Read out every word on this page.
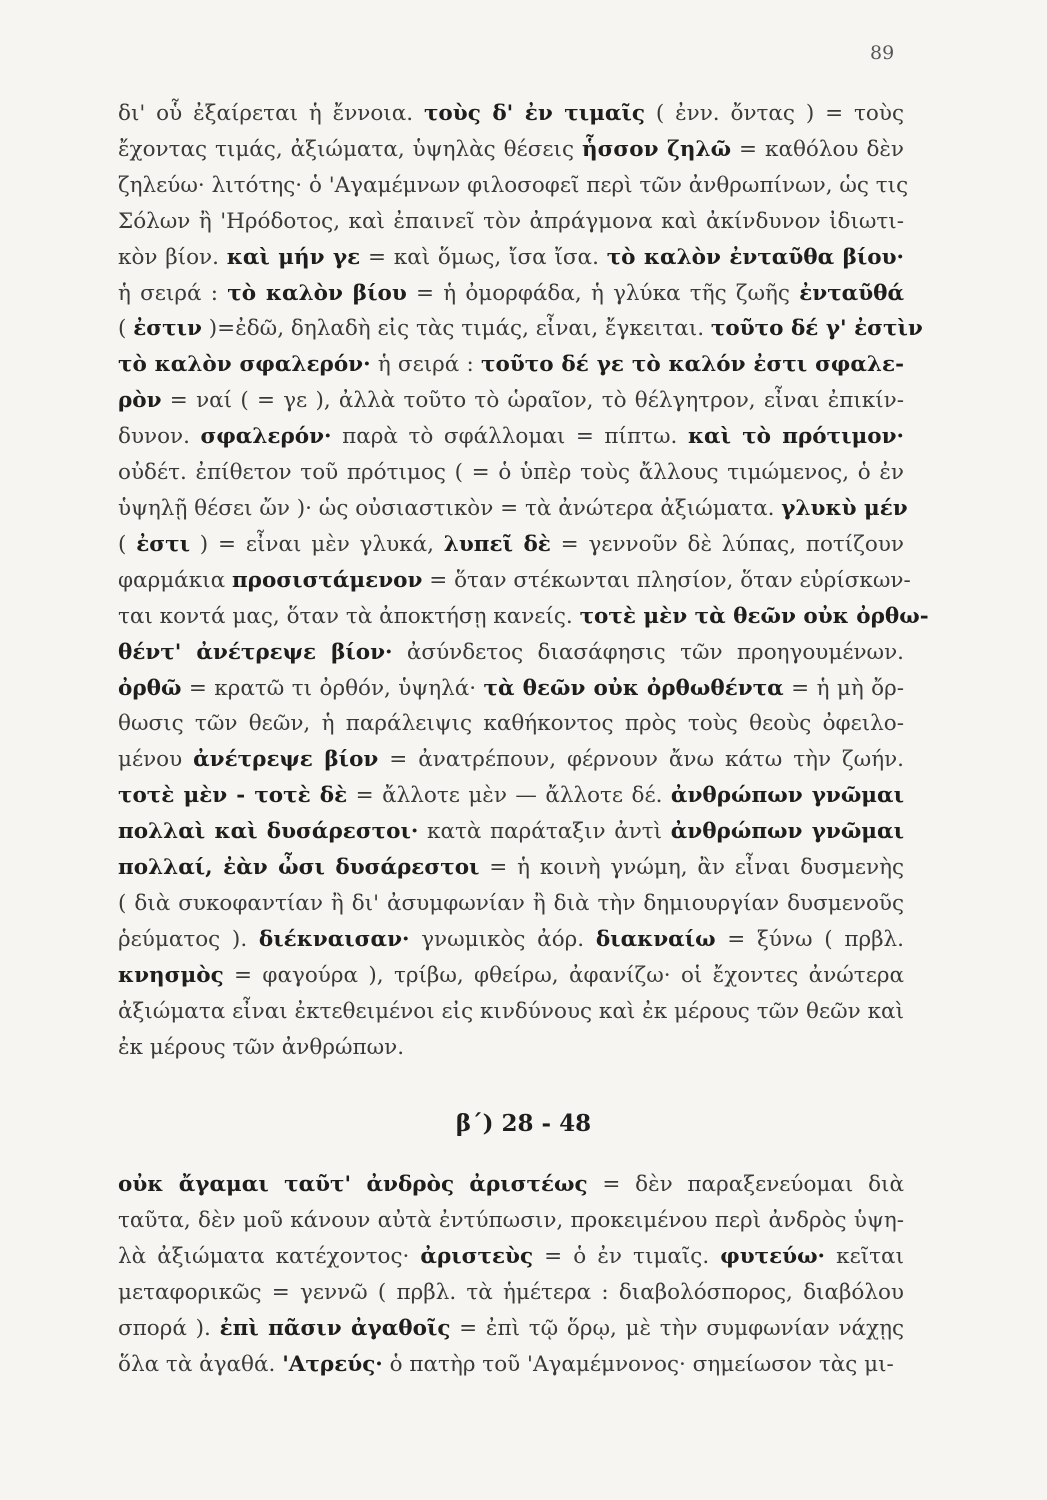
89
δι' οὗ ἐξαίρεται ἡ ἔννοια. τοὺς δ' ἐν τιμαῖς ( ἐνν. ὄντας ) = τοὺς
ἔχοντας τιμάς, ἀξιώματα, ὑψηλὰς θέσεις ἧσσον ζηλῶ = καθόλου δὲν
ζηλεύω· λιτότης· ὁ 'Αγαμέμνων φιλοσοφεῖ περὶ τῶν ἀνθρωπίνων, ὡς τις
Σόλων ἢ 'Ηρόδοτος, καὶ ἐπαινεῖ τὸν ἀπράγμονα καὶ ἀκίνδυνον ἰδιωτι-
κὸν βίον. καὶ μήν γε = καὶ ὅμως, ἴσα ἴσα. τὸ καλὸν ἐνταῦθα βίου·
ἡ σειρά : τὸ καλὸν βίου = ἡ ὀμορφάδα, ἡ γλύκα τῆς ζωῆς ἐνταῦθά
( ἐστιν )=ἐδῶ, δηλαδὴ εἰς τὰς τιμάς, εἶναι, ἔγκειται. τοῦτο δέ γ' ἐστὶν
τὸ καλὸν σφαλερόν· ἡ σειρά : τοῦτο δέ γε τὸ καλόν ἐστι σφαλε-
ρὸν = ναί ( = γε ), ἀλλὰ τοῦτο τὸ ὡραῖον, τὸ θέλγητρον, εἶναι ἐπικίν-
δυνον. σφαλερόν· παρὰ τὸ σφάλλομαι = πίπτω. καὶ τὸ πρότιμον·
οὐδέτ. ἐπίθετον τοῦ πρότιμος ( = ὁ ὑπὲρ τοὺς ἄλλους τιμώμενος, ὁ ἐν
ὑψηλῇ θέσει ὤν )· ὡς οὐσιαστικὸν = τὰ ἀνώτερα ἀξιώματα. γλυκὺ μέν
( ἐστι ) = εἶναι μὲν γλυκά, λυπεῖ δὲ = γεννοῦν δὲ λύπας, ποτίζουν
φαρμάκια προσιστάμενον = ὅταν στέκωνται πλησίον, ὅταν εὑρίσκων-
ται κοντά μας, ὅταν τὰ ἀποκτήσῃ κανείς. τοτὲ μὲν τὰ θεῶν οὐκ ὀρθω-
θέντ' ἀνέτρεψε βίον· ἀσύνδετος διασάφησις τῶν προηγουμένων.
ὀρθῶ = κρατῶ τι ὀρθόν, ὑψηλά· τὰ θεῶν οὐκ ὀρθωθέντα = ἡ μὴ ὄρ-
θωσις τῶν θεῶν, ἡ παράλειψις καθήκοντος πρὸς τοὺς θεοὺς ὀφειλο-
μένου ἀνέτρεψε βίον = ἀνατρέπουν, φέρνουν ἄνω κάτω τὴν ζωήν.
τοτὲ μὲν - τοτὲ δὲ = ἄλλοτε μὲν — ἄλλοτε δέ. ἀνθρώπων γνῶμαι
πολλαὶ καὶ δυσάρεστοι· κατὰ παράταξιν ἀντὶ ἀνθρώπων γνῶμαι
πολλαί, ἐὰν ὦσι δυσάρεστοι = ἡ κοινὴ γνώμη, ἂν εἶναι δυσμενὴς
( διὰ συκοφαντίαν ἢ δι' ἀσυμφωνίαν ἢ διὰ τὴν δημιουργίαν δυσμενοῦς
ῥεύματος ). διέκναισαν· γνωμικὸς ἀόρ. διακναίω = ξύνω ( πρβλ.
κνησμὸς = φαγούρα ), τρίβω, φθείρω, ἀφανίζω· οἱ ἔχοντες ἀνώτερα
ἀξιώματα εἶναι ἐκτεθειμένοι εἰς κινδύνους καὶ ἐκ μέρους τῶν θεῶν καὶ
ἐκ μέρους τῶν ἀνθρώπων.
β΄) 28 - 48
οὐκ ἄγαμαι ταῦτ' ἀνδρὸς ἀριστέως = δὲν παραξενεύομαι διὰ
ταῦτα, δὲν μοῦ κάνουν αὐτὰ ἐντύπωσιν, προκειμένου περὶ ἀνδρὸς ὑψη-
λὰ ἀξιώματα κατέχοντος· ἀριστεὺς = ὁ ἐν τιμαῖς. φυτεύω· κεῖται
μεταφορικῶς = γεννῶ ( πρβλ. τὰ ἡμέτερα : διαβολόσπορος, διαβόλου
σπορά ). ἐπὶ πᾶσιν ἀγαθοῖς = ἐπὶ τῷ ὅρῳ, μὲ τὴν συμφωνίαν νάχῃς
ὅλα τὰ ἀγαθά. 'Ατρεύς· ὁ πατὴρ τοῦ 'Αγαμέμνονος· σημείωσον τὰς μι-
